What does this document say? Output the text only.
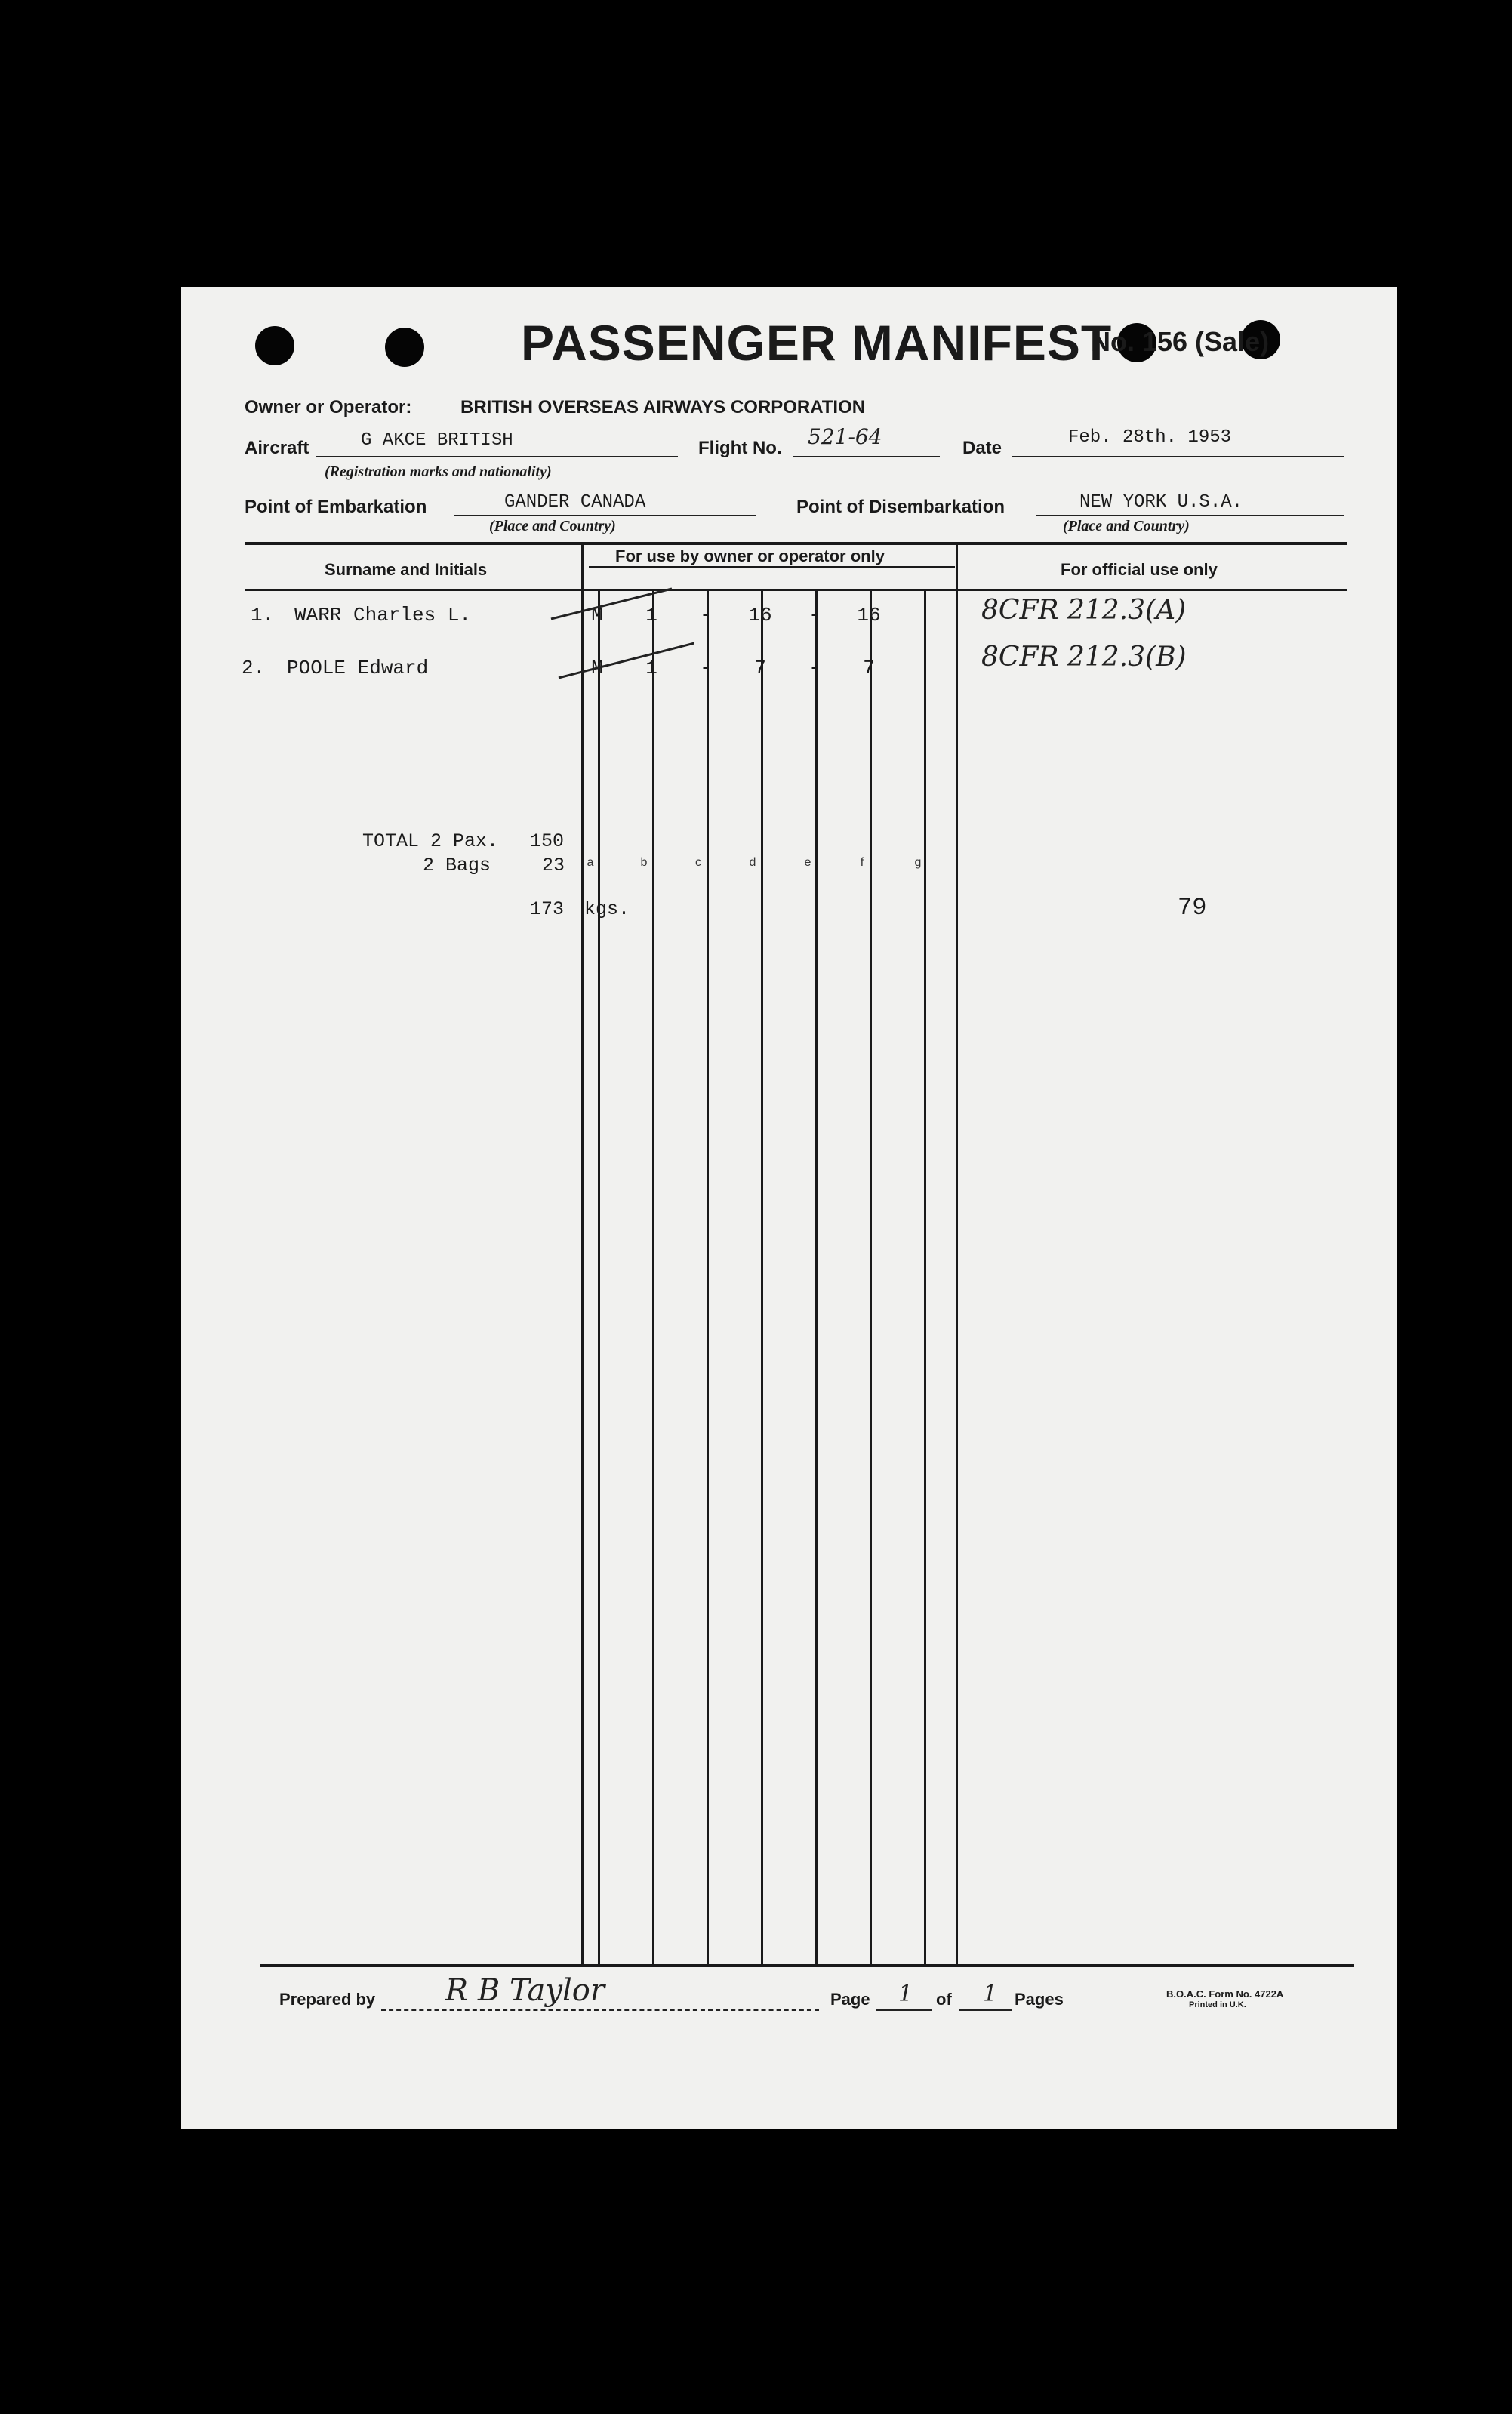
PASSENGER MANIFEST
No. 156 (Sale)
Owner or Operator:	BRITISH OVERSEAS AIRWAYS CORPORATION
Aircraft	G AKCE BRITISH
(Registration marks and nationality)
Flight No. 521-64	Date
Feb. 28th. 1953
Point of Embarkation	GANDER CANADA
(Place and Country)
Point of Disembarkation	NEW YORK U.S.A.
(Place and Country)
Surname and Initials
For use by owner or operator only
For official use only
a	b	c	d	e	f	g
1. WARR Charles L.	M	1	-	16	-	16	8CFR 212.3(A)
2. POOLE Edward	M	1	-	7	-	7	8CFR 212.3(B)
TOTAL 2 Pax. 150
2 Bags	23
173 kgs.	79
Prepared by R B Taylor	Page 1 of 1 Pages	B.O.A.C. Form No. 4722A
Printed in U.K.
